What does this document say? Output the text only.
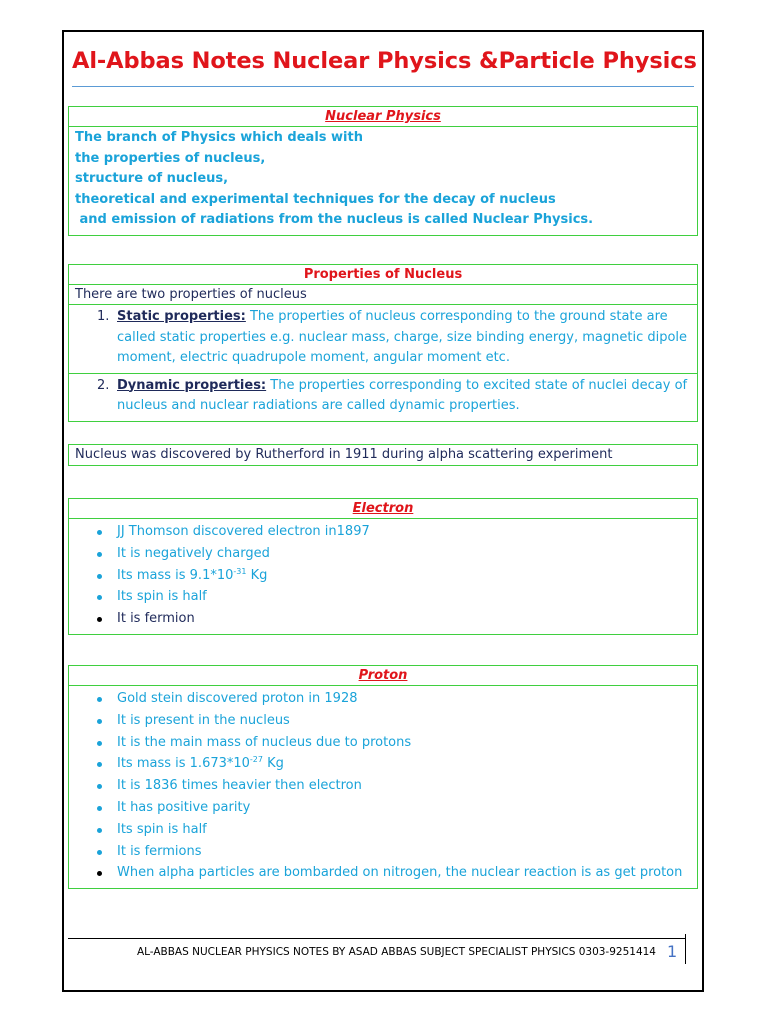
Al-Abbas Notes Nuclear Physics &Particle Physics
Nuclear Physics
The branch of Physics which deals with
the properties of nucleus,
structure of nucleus,
theoretical and experimental techniques for the decay of nucleus
and emission of radiations from the nucleus is called Nuclear Physics.
Properties of Nucleus
There are two properties of nucleus
1. Static properties: The properties of nucleus corresponding to the ground state are called static properties e.g. nuclear mass, charge, size binding energy, magnetic dipole moment, electric quadrupole moment, angular moment etc.
2. Dynamic properties: The properties corresponding to excited state of nuclei decay of nucleus and nuclear radiations are called dynamic properties.
Nucleus was discovered by Rutherford in 1911 during alpha scattering experiment
Electron
JJ Thomson discovered electron in1897
It is negatively charged
Its mass is $9.1*10^{-31}$ Kg
Its spin is half
It is fermion
Proton
Gold stein discovered proton in 1928
It is present in the nucleus
It is the main mass of nucleus due to protons
Its mass is $1.673*10^{-27}$ Kg
It is 1836 times heavier then electron
It has positive parity
Its spin is half
It is fermions
When alpha particles are bombarded on nitrogen, the nuclear reaction is as get proton
AL-ABBAS NUCLEAR PHYSICS NOTES BY ASAD ABBAS SUBJECT SPECIALIST PHYSICS 0303-9251414 1
